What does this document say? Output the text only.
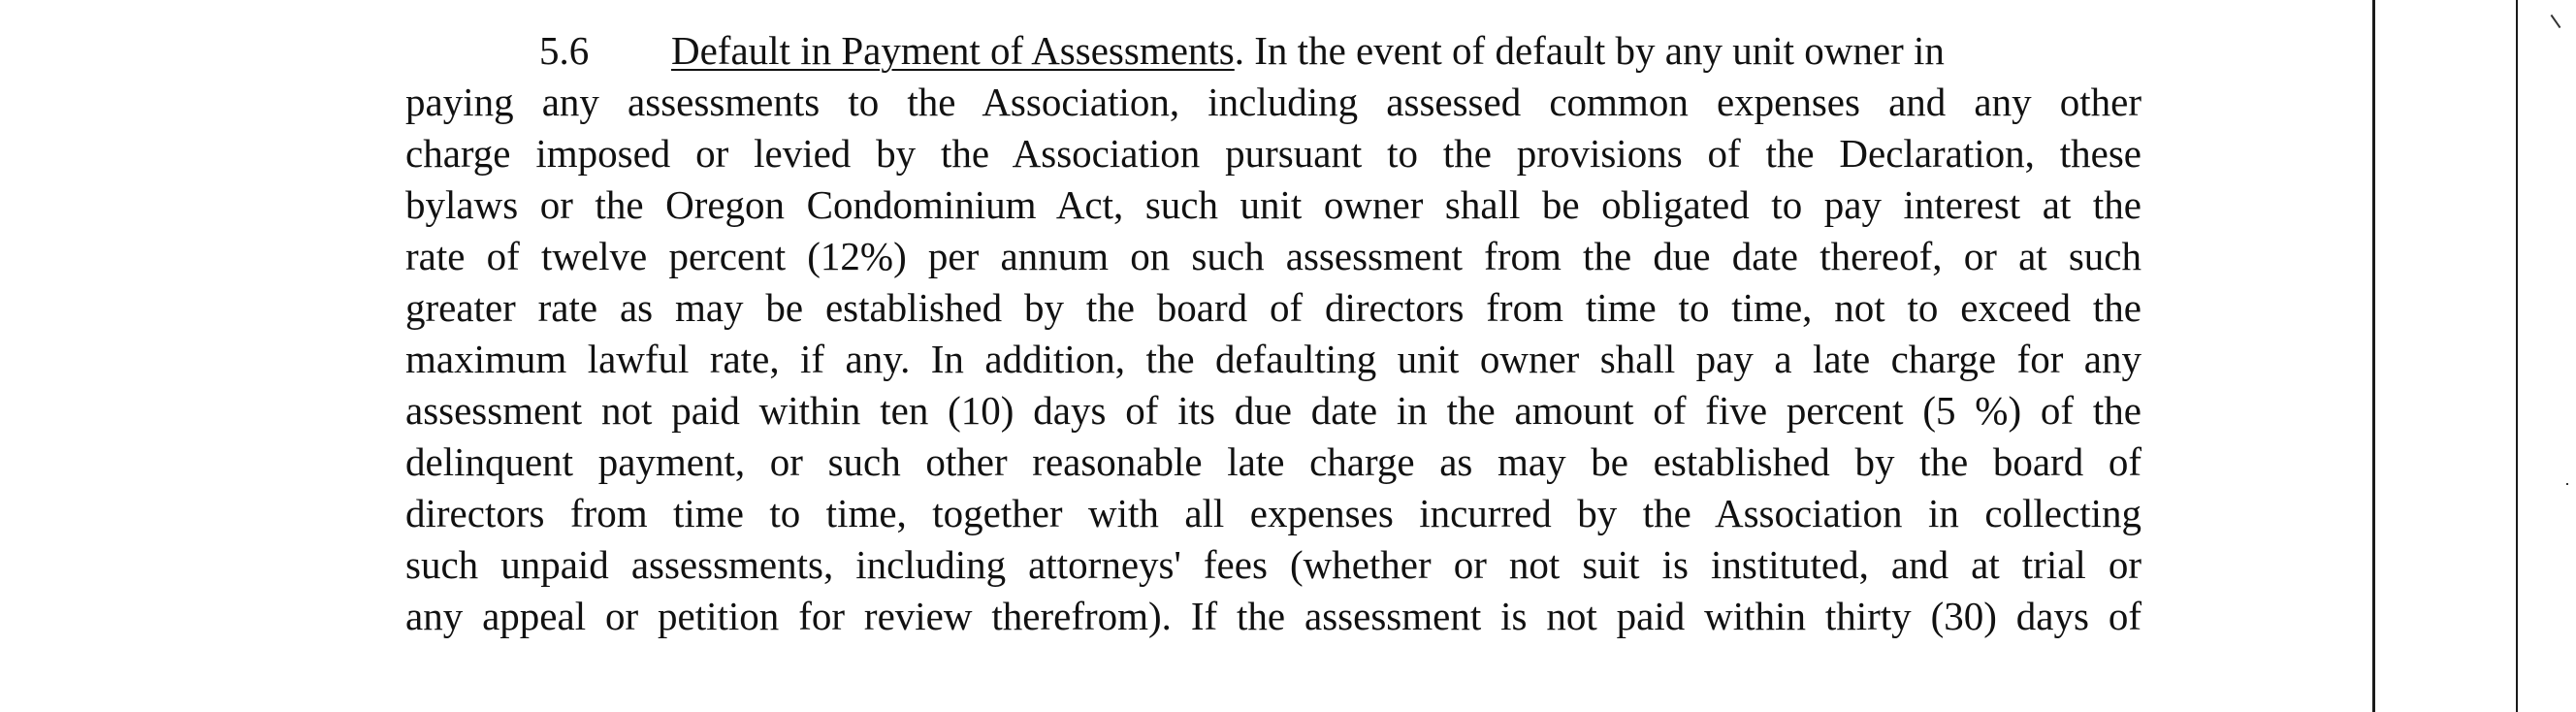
5.6 Default in Payment of Assessments. In the event of default by any unit owner in
paying any assessments to the Association, including assessed common expenses and any other
charge imposed or levied by the Association pursuant to the provisions of the Declaration, these
bylaws or the Oregon Condominium Act, such unit owner shall be obligated to pay interest at the
rate of twelve percent (12%) per annum on such assessment from the due date thereof, or at such
greater rate as may be established by the board of directors from time to time, not to exceed the
maximum lawful rate, if any. In addition, the defaulting unit owner shall pay a late charge for any
assessment not paid within ten (10) days of its due date in the amount of five percent (5 %) of the
delinquent payment, or such other reasonable late charge as may be established by the board of
directors from time to time, together with all expenses incurred by the Association in collecting
such unpaid assessments, including attorneys' fees (whether or not suit is instituted, and at trial or
any appeal or petition for review therefrom). If the assessment is not paid within thirty (30) days of
